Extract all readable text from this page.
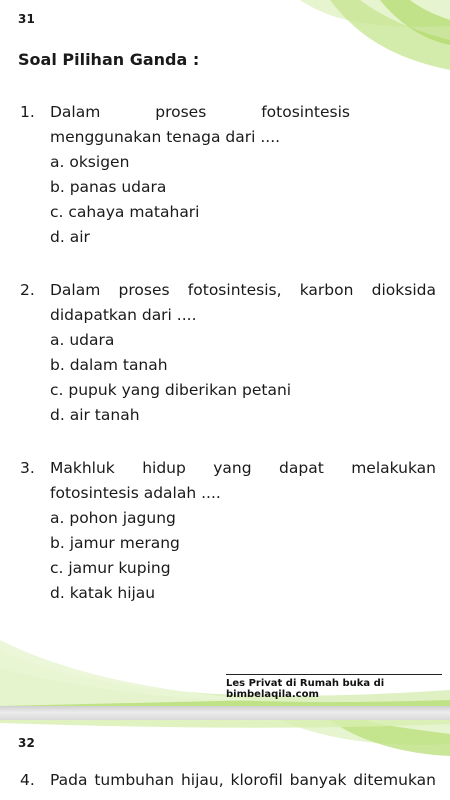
31
Soal Pilihan Ganda :
1. Dalam proses fotosintesis menggunakan tenaga dari ....
a. oksigen
b. panas udara
c. cahaya matahari
d. air
2. Dalam proses fotosintesis, karbon dioksida didapatkan dari ....
a. udara
b. dalam tanah
c. pupuk yang diberikan petani
d. air tanah
3. Makhluk hidup yang dapat melakukan fotosintesis adalah ....
a. pohon jagung
b. jamur merang
c. jamur kuping
d. katak hijau
Les Privat di Rumah buka di bimbelaqila.com
32
4. Pada tumbuhan hijau, klorofil banyak ditemukan
